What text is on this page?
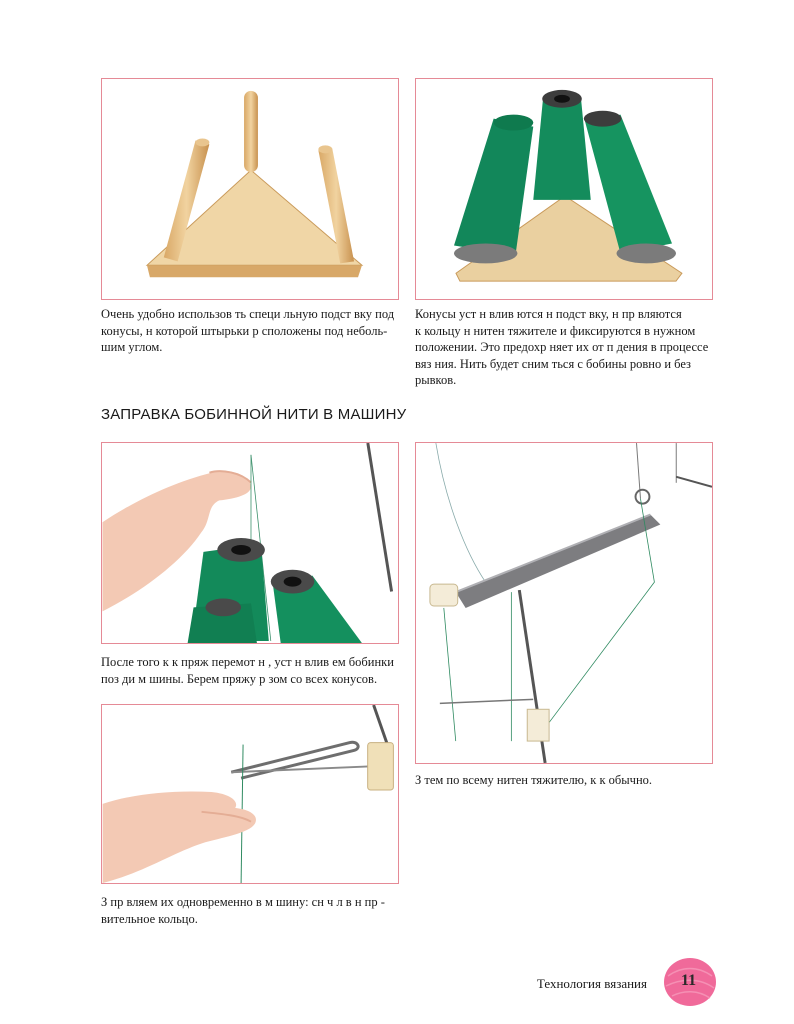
Очень удобно использов ть специ льную подст вку под
конусы, н которой штырьки р сположены под неболь-
шим углом.
Конусы уст н влив ются н подст вку, н пр вляются
к кольцу н нитен тяжителе и фиксируются в нужном
положении. Это предохр няет их от п дения в процессе
вяз ния. Нить будет сним ться с бобины ровно и без
рывков.
ЗАПРАВКА БОБИННОЙ НИТИ В МАШИНУ
После того к к пряж перемот н , уст н влив ем бобинки
поз ди м шины. Берем пряжу р зом со всех конусов.
З пр вляем их одновременно в м шину: сн ч л в н пр -
вительное кольцо.
З тем по всему нитен тяжителю, к к обычно.
Технология вязания 11
